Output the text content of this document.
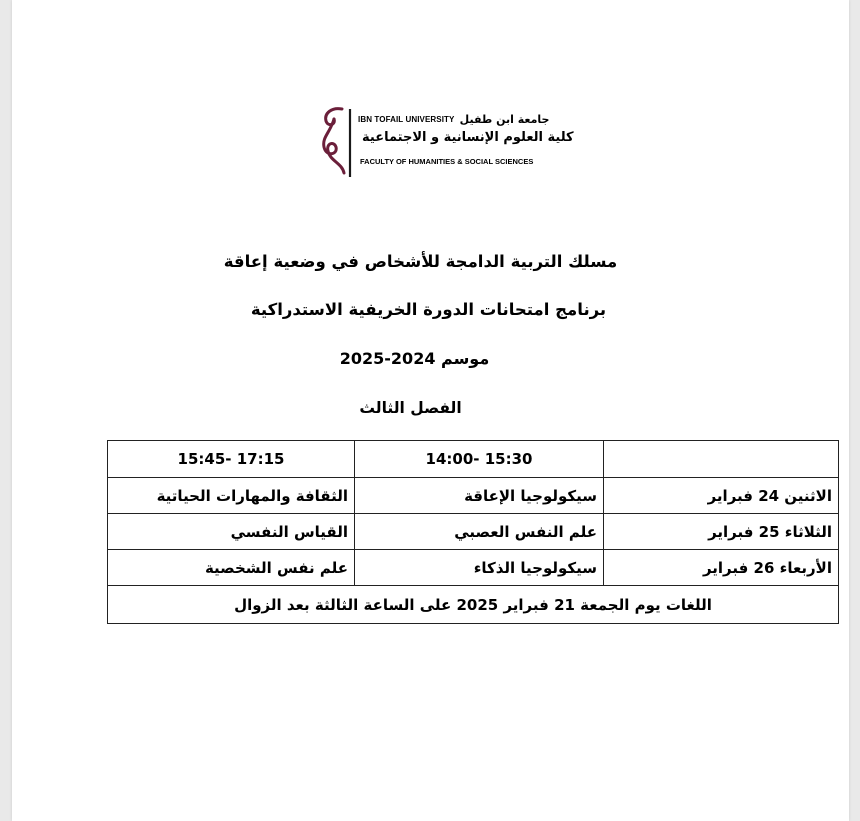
IBN TOFAIL UNIVERSITY جامعة ابن طفيل
كلية العلوم الإنسانية و الاجتماعية
FACULTY OF HUMANITIES & SOCIAL SCIENCES
مسلك التربية الدامجة للأشخاص في وضعية إعاقة
برنامج امتحانات الدورة الخريفية الاستدراكية
موسم 2024-2025
الفصل الثالث
	14:00- 15:30	15:45- 17:15
الاثنين 24 فبراير	سيكولوجيا الإعاقة	الثقافة والمهارات الحياتية
الثلاثاء 25 فبراير	علم النفس العصبي	القياس النفسي
الأربعاء 26 فبراير	سيكولوجيا الذكاء	علم نفس الشخصية
اللغات يوم الجمعة 21 فبراير 2025 على الساعة الثالثة بعد الزوال		
